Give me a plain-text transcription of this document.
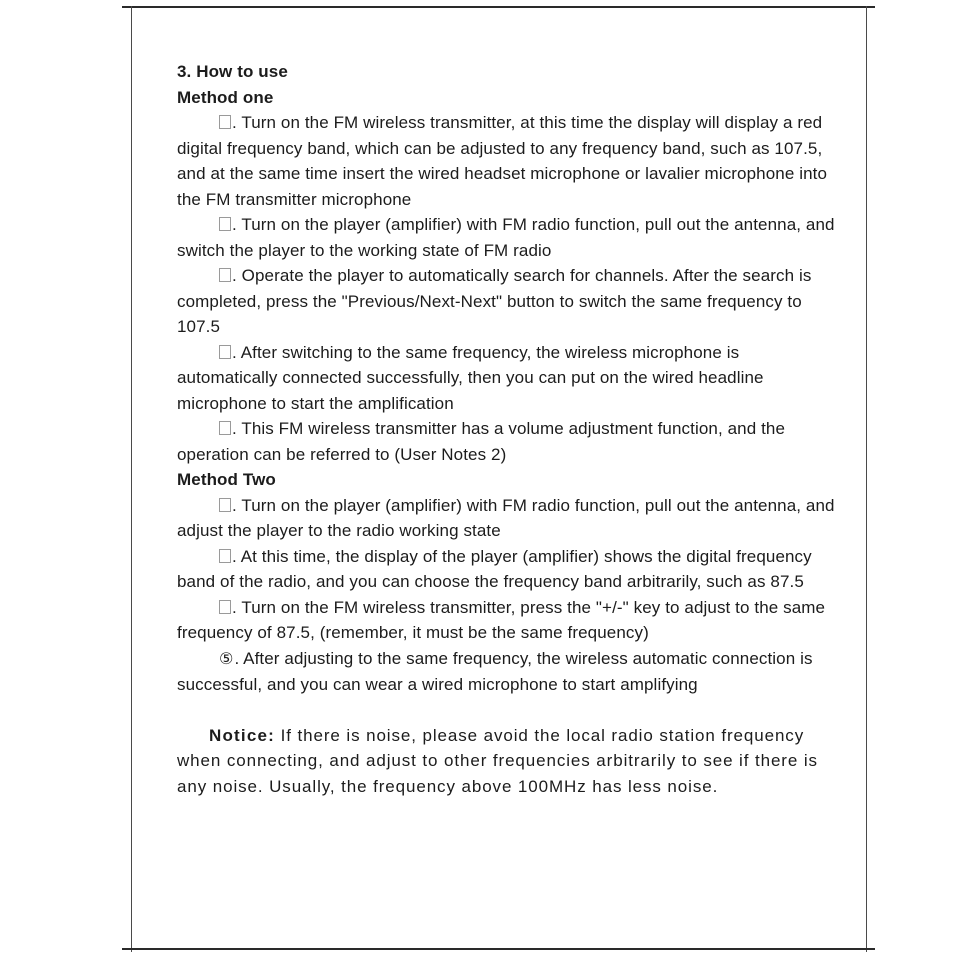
3. How to use

Method one

. Turn on the FM wireless transmitter, at this time the display will display a red digital frequency band, which can be adjusted to any frequency band, such as 107.5, and at the same time insert the wired headset microphone or lavalier microphone into the FM transmitter microphone

. Turn on the player (amplifier) with FM radio function, pull out the antenna, and switch the player to the working state of FM radio

. Operate the player to automatically search for channels. After the search is completed, press the "Previous/Next-Next" button to switch the same frequency to 107.5

. After switching to the same frequency, the wireless microphone is automatically connected successfully, then you can put on the wired headline microphone to start the amplification

. This FM wireless transmitter has a volume adjustment function, and the operation can be referred to (User Notes 2)

Method Two

. Turn on the player (amplifier) with FM radio function, pull out the antenna, and adjust the player to the radio working state

. At this time, the display of the player (amplifier) shows the digital frequency band of the radio, and you can choose the frequency band arbitrarily, such as 87.5

. Turn on the FM wireless transmitter, press the "+/-" key to adjust to the same frequency of 87.5, (remember, it must be the same frequency)

⑤. After adjusting to the same frequency, the wireless automatic connection is successful, and you can wear a wired microphone to start amplifying

Notice: If there is noise, please avoid the local radio station frequency when connecting, and adjust to other frequencies arbitrarily to see if there is any noise. Usually, the frequency above 100MHz has less noise.
